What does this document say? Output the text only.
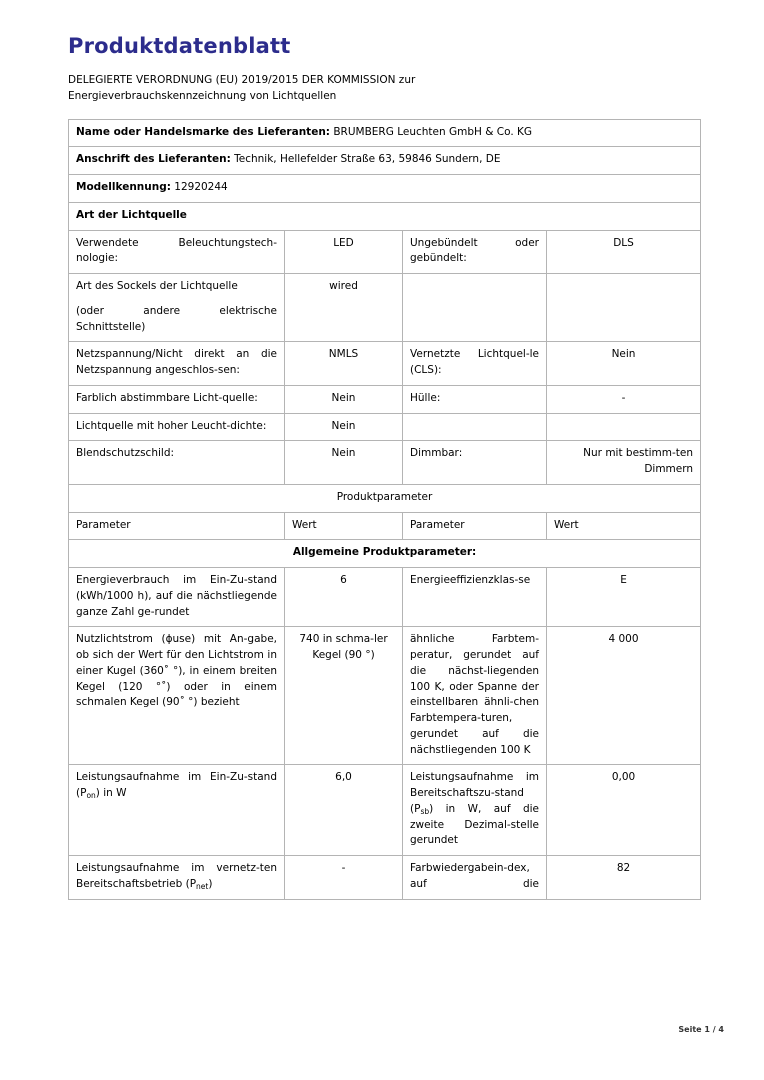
Produktdatenblatt

DELEGIERTE VERORDNUNG (EU) 2019/2015 DER KOMMISSION zur
Energieverbrauchskennzeichnung von Lichtquellen

Name oder Handelsmarke des Lieferanten: BRUMBERG Leuchten GmbH & Co. KG			
Anschrift des Lieferanten: Technik, Hellefelder Straße 63, 59846 Sundern, DE			
Modellkennung: 12920244			
Art der Lichtquelle			
Verwendete Beleuchtungstech-nologie:	LED	Ungebündelt oder gebündelt:	DLS
Art des Sockels der Lichtquelle
(oder andere elektrische Schnittstelle)	wired		
Netzspannung/Nicht direkt an die Netzspannung angeschlos-sen:	NMLS	Vernetzte Lichtquel-le (CLS):	Nein
Farblich abstimmbare Licht-quelle:	Nein	Hülle:	-
Lichtquelle mit hoher Leucht-dichte:	Nein		
Blendschutzschild:	Nein	Dimmbar:	Nur mit bestimm-ten Dimmern
Produktparameter			
Parameter	Wert	Parameter	Wert
Allgemeine Produktparameter:			
Energieverbrauch im Ein-Zu-stand (kWh/1000 h), auf die nächstliegende ganze Zahl ge-rundet	6	Energieeffizienzklas-se	E
Nutzlichtstrom (ɸuse) mit An-gabe, ob sich der Wert für den Lichtstrom in einer Kugel (360˚ °), in einem breiten Kegel (120 °˚) oder in einem schmalen Kegel (90˚ °) bezieht	740 in schma-ler Kegel (90 °)	ähnliche Farbtem-peratur, gerundet auf die nächst-liegenden 100 K, oder Spanne der einstellbaren ähnli-chen Farbtempera-turen, gerundet auf die nächstliegenden 100 K	4 000
Leistungsaufnahme im Ein-Zu-stand $(P_{on})$ in W	6,0	Leistungsaufnahme im Bereitschaftszu-stand $(P_{sb})$ in W, auf die zweite Dezimal-stelle gerundet	0,00
Leistungsaufnahme im vernetz-ten Bereitschaftsbetrieb $(P_{net})$	-	Farbwiedergabein-dex, auf die	82
Seite 1 / 4
